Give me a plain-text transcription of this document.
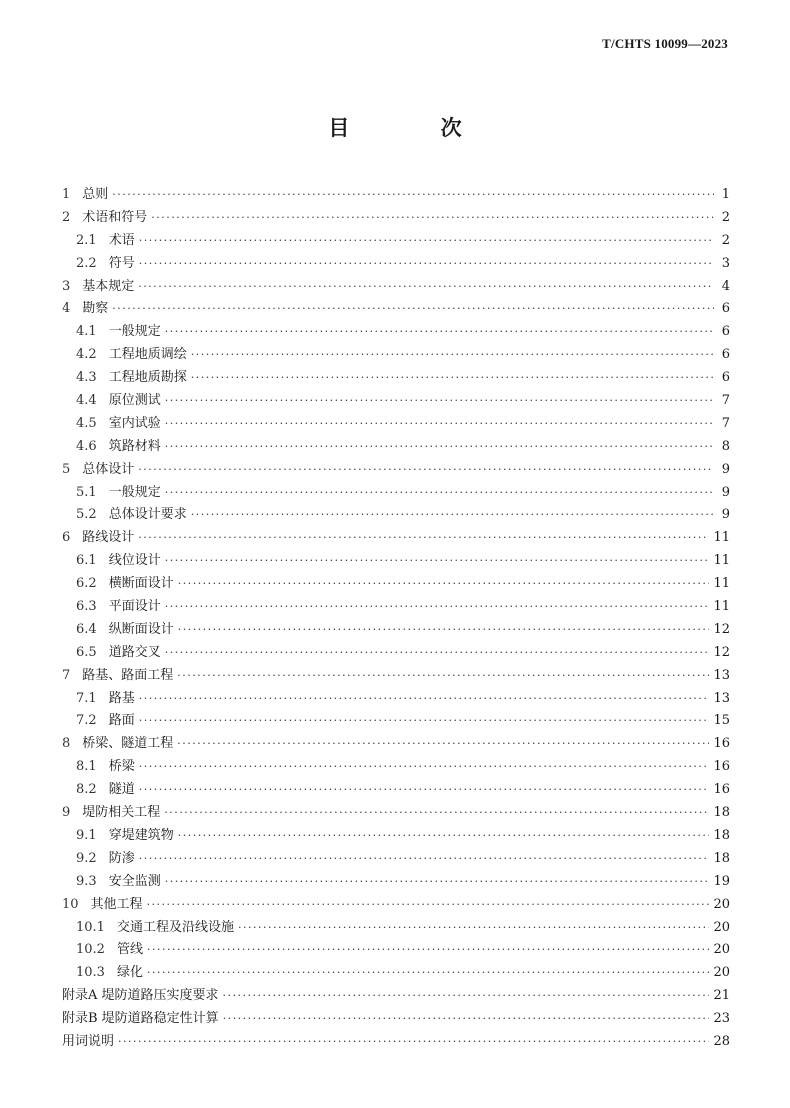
T/CHTS 10099—2023
目 次
1 总则 ·····	1
2 术语和符号 ·····	2
2.1 术语 ·····	2
2.2 符号 ·····	3
3 基本规定 ·····	4
4 勘察 ·····	6
4.1 一般规定 ·····	6
4.2 工程地质调绘 ·····	6
4.3 工程地质勘探 ·····	6
4.4 原位测试 ·····	7
4.5 室内试验 ·····	7
4.6 筑路材料 ·····	8
5 总体设计 ·····	9
5.1 一般规定 ·····	9
5.2 总体设计要求 ·····	9
6 路线设计 ·····	11
6.1 线位设计 ·····	11
6.2 横断面设计 ·····	11
6.3 平面设计 ·····	11
6.4 纵断面设计 ·····	12
6.5 道路交叉 ·····	12
7 路基、路面工程 ·····	13
7.1 路基 ·····	13
7.2 路面 ·····	15
8 桥梁、隧道工程 ·····	16
8.1 桥梁 ·····	16
8.2 隧道 ·····	16
9 堤防相关工程 ·····	18
9.1 穿堤建筑物 ·····	18
9.2 防渗 ·····	18
9.3 安全监测 ·····	19
10 其他工程 ·····	20
10.1 交通工程及沿线设施 ·····	20
10.2 管线 ·····	20
10.3 绿化 ·····	20
附录A 堤防道路压实度要求 ·····	21
附录B 堤防道路稳定性计算 ·····	23
用词说明 ·····	28
